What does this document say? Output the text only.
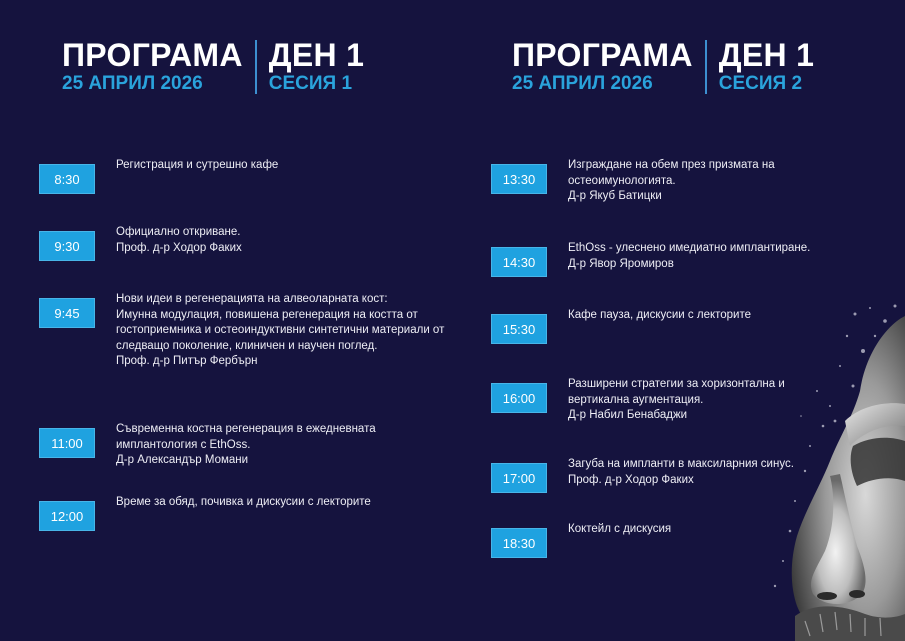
ПРОГРАМА
25 АПРИЛ 2026
ДЕН 1
СЕСИЯ 1
ПРОГРАМА
25 АПРИЛ 2026
ДЕН 1
СЕСИЯ 2
8:30
Регистрация и сутрешно кафе
9:30
Официално откриване.
Проф. д-р Ходор Факих
9:45
Нови идеи в регенерацията на алвеоларната кост:
Имунна модулация, повишена регенерация на костта от
гостоприемника и остеоиндуктивни синтетични материали от
следващо поколение, клиничен и научен поглед.
Проф. д-р Питър Фербърн
11:00
Съвременна костна регенерация в ежедневната
имплантология с EthOss.
Д-р Александър Момани
12:00
Време за обяд, почивка и дискусии с лекторите
13:30
Изграждане на обем през призмата на
остеоимунологията.
Д-р Якуб Батицки
14:30
EthOss - улеснено имедиатно имплантиране.
Д-р Явор Яромиров
15:30
Кафе пауза, дискусии с лекторите
16:00
Разширени стратегии за хоризонтална и
вертикална аугментация.
Д-р Набил Бенабаджи
17:00
Загуба на импланти в максиларния синус.
Проф. д-р Ходор Факих
18:30
Коктейл с дискусия
